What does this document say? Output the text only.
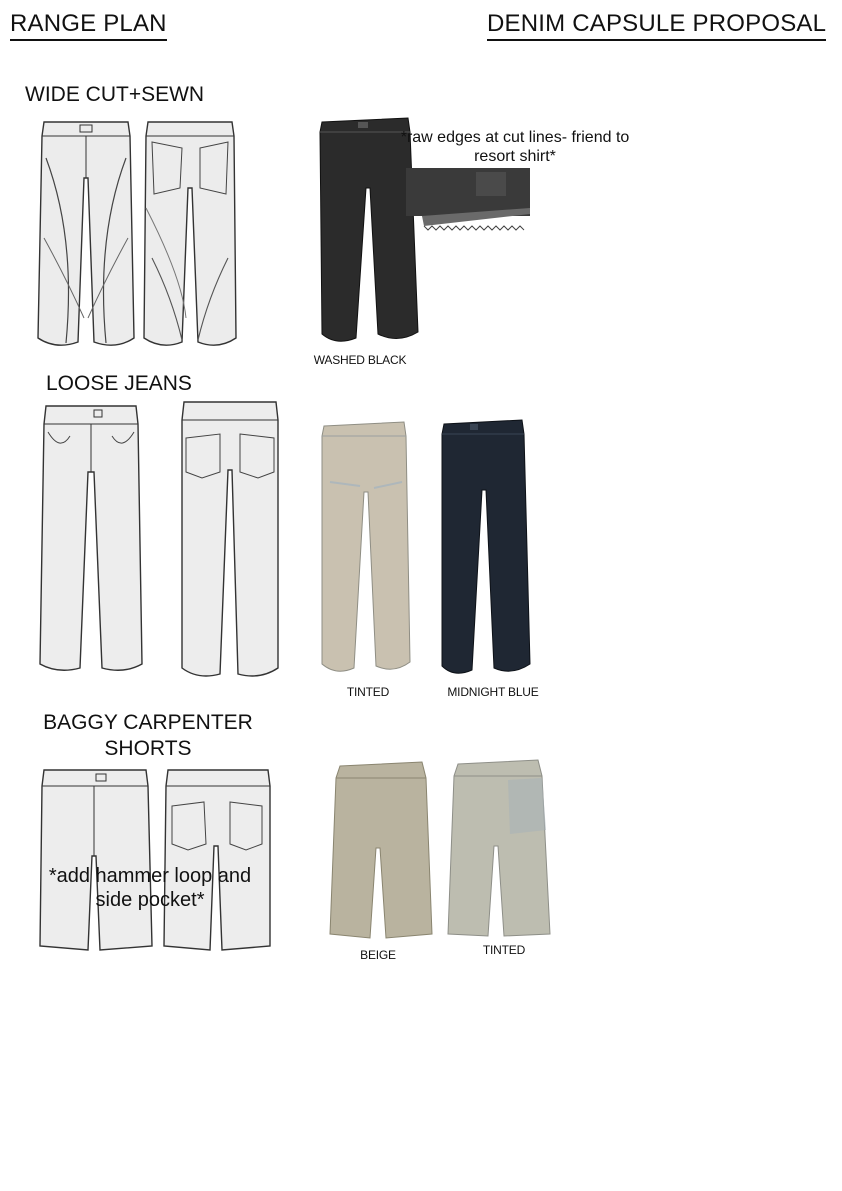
RANGE PLAN	DENIM CAPSULE PROPOSAL
WIDE CUT+SEWN
*raw edges at cut lines- friend to resort shirt*
WASHED BLACK
LOOSE JEANS
TINTED	MIDNIGHT BLUE
BAGGY CARPENTER
SHORTS
*add hammer loop and side pocket*
BEIGE	TINTED
